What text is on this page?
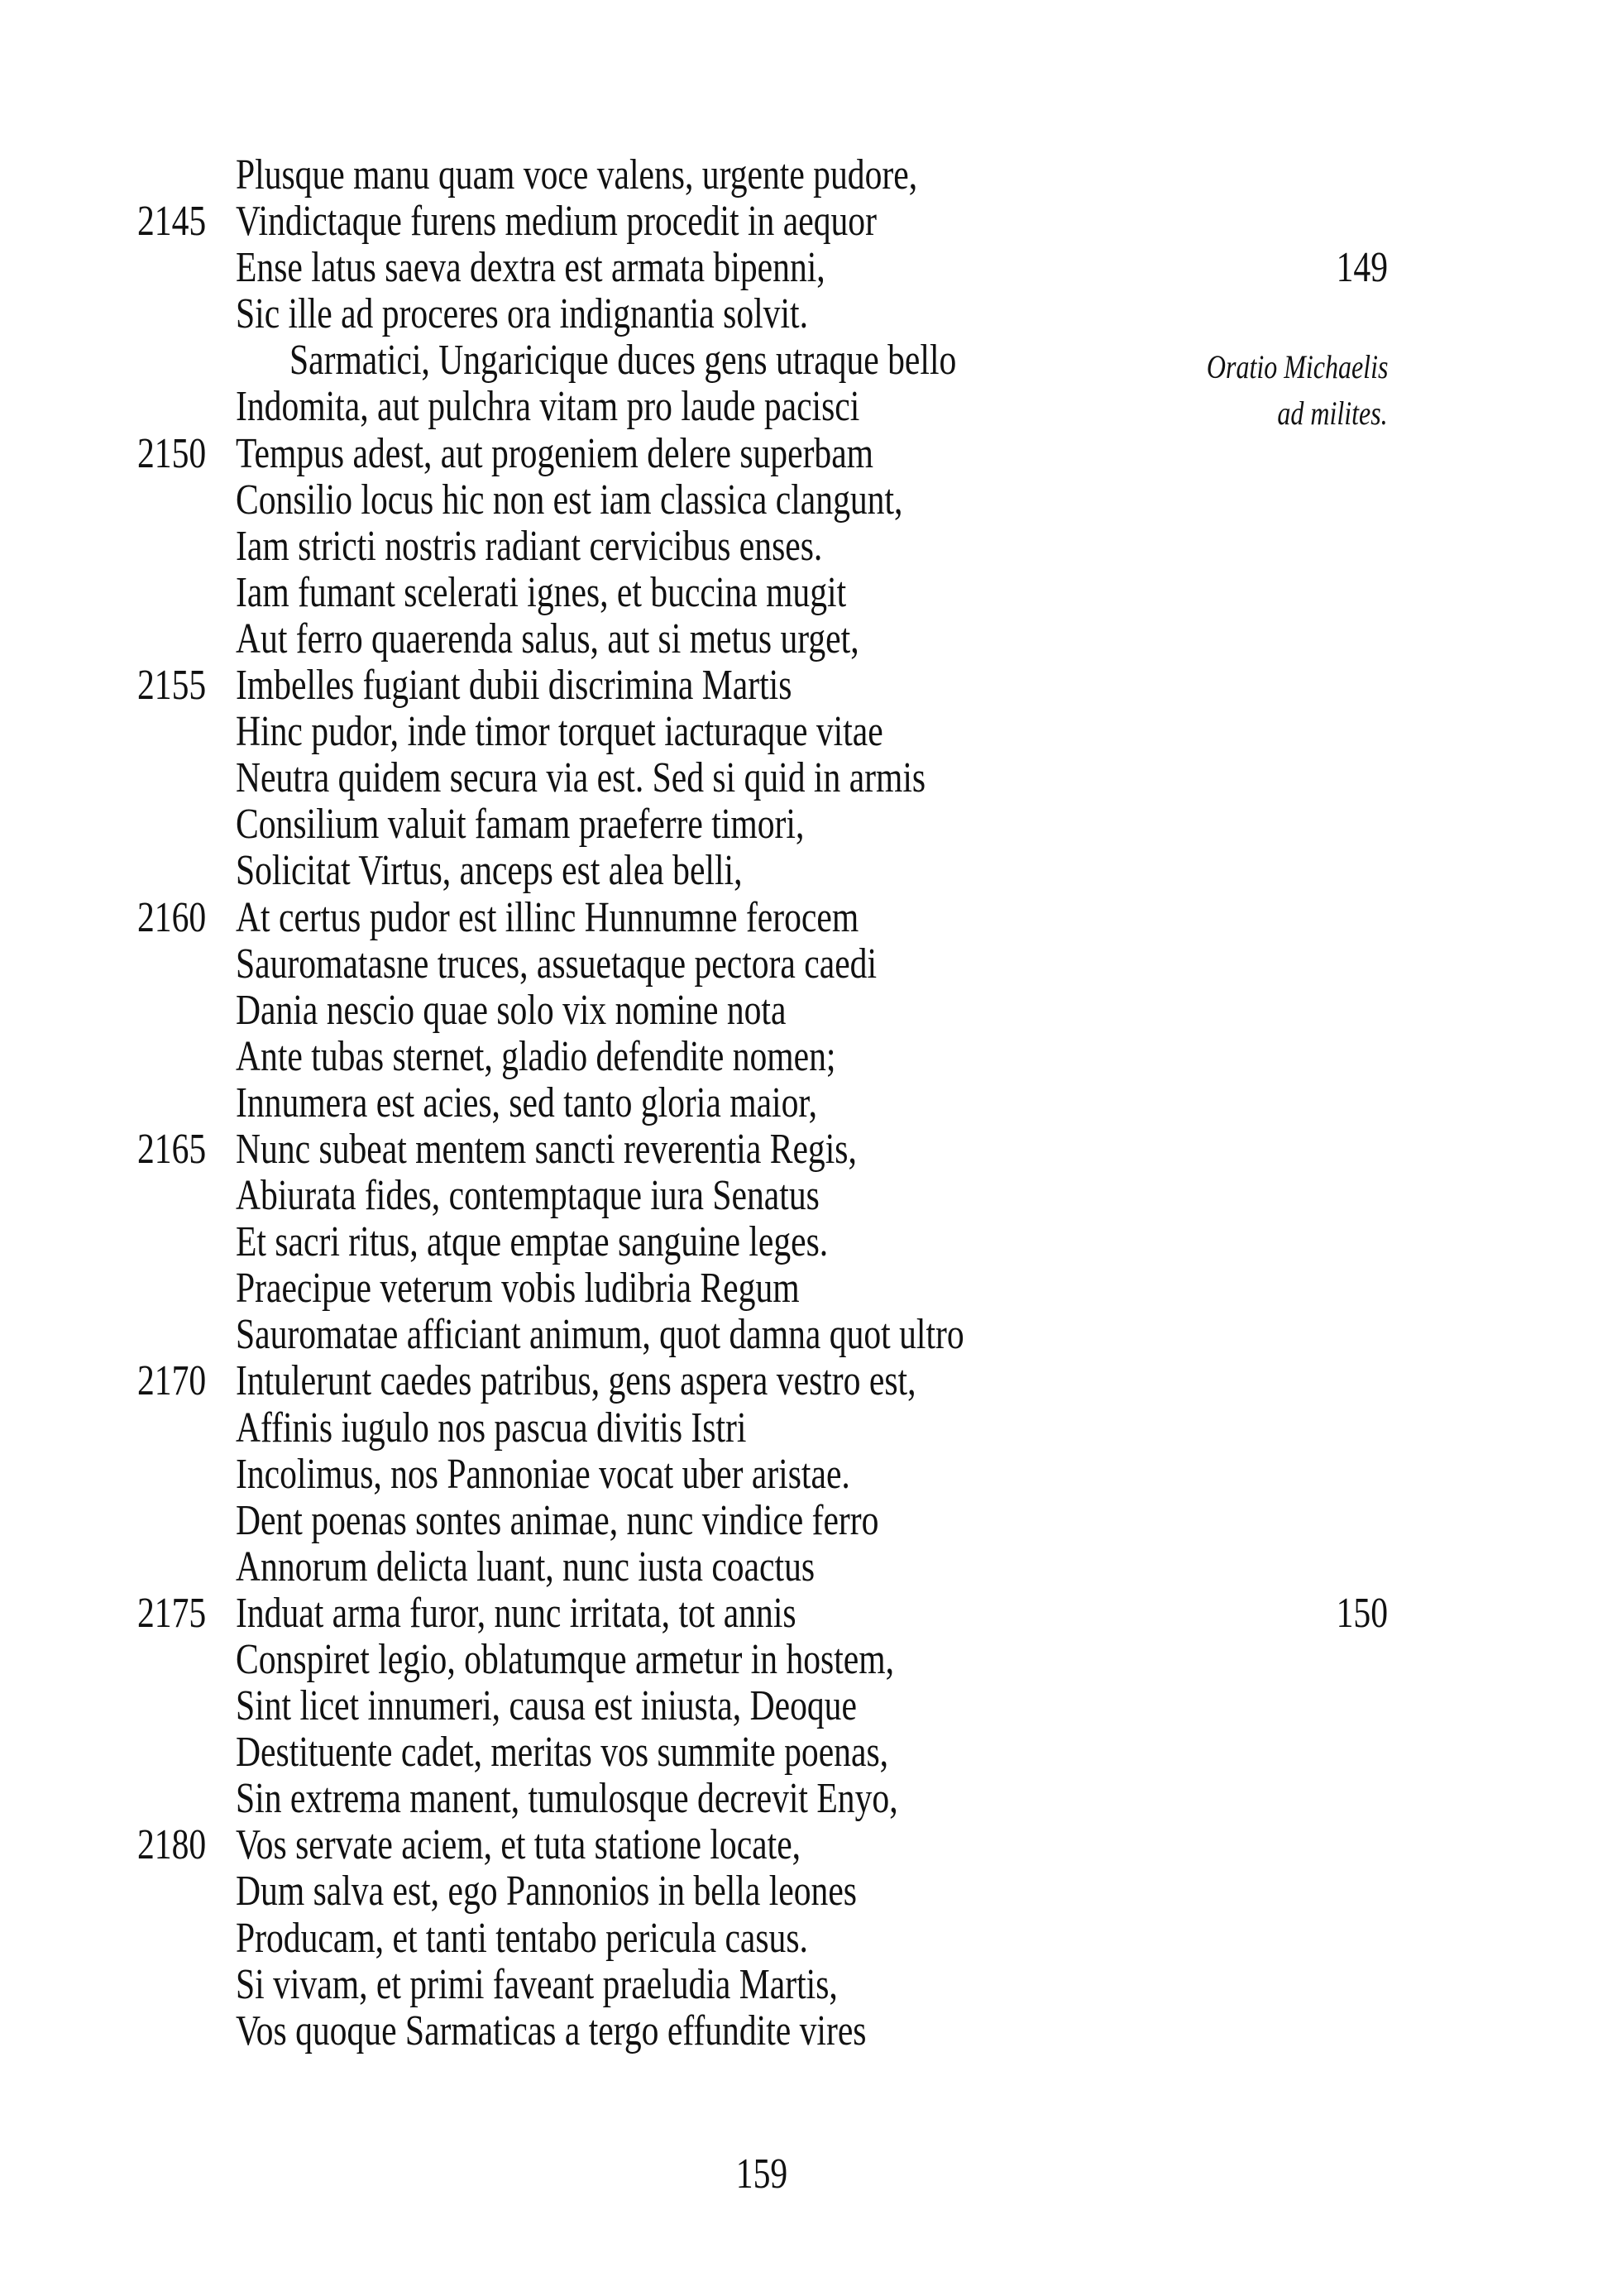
Plusque manu quam voce valens, urgente pudore,
2145 Vindictaque furens medium procedit in aequor
Ense latus saeva dextra est armata bipenni,	149
Sic ille ad proceres ora indignantia solvit.
Sarmatici, Ungaricique duces gens utraque bello	Oratio Michaelis
Indomita, aut pulchra vitam pro laude pacisci	ad milites.
2150 Tempus adest, aut progeniem delere superbam
Consilio locus hic non est iam classica clangunt,
Iam stricti nostris radiant cervicibus enses.
Iam fumant scelerati ignes, et buccina mugit
Aut ferro quaerenda salus, aut si metus urget,
2155 Imbelles fugiant dubii discrimina Martis
Hinc pudor, inde timor torquet iacturaque vitae
Neutra quidem secura via est. Sed si quid in armis
Consilium valuit famam praeferre timori,
Solicitat Virtus, anceps est alea belli,
2160 At certus pudor est illinc Hunnumne ferocem
Sauromatasne truces, assuetaque pectora caedi
Dania nescio quae solo vix nomine nota
Ante tubas sternet, gladio defendite nomen;
Innumera est acies, sed tanto gloria maior,
2165 Nunc subeat mentem sancti reverentia Regis,
Abiurata fides, contemptaque iura Senatus
Et sacri ritus, atque emptae sanguine leges.
Praecipue veterum vobis ludibria Regum
Sauromatae afficiant animum, quot damna quot ultro
2170 Intulerunt caedes patribus, gens aspera vestro est,
Affinis iugulo nos pascua divitis Istri
Incolimus, nos Pannoniae vocat uber aristae.
Dent poenas sontes animae, nunc vindice ferro
Annorum delicta luant, nunc iusta coactus
2175 Induat arma furor, nunc irritata, tot annis	150
Conspiret legio, oblatumque armetur in hostem,
Sint licet innumeri, causa est iniusta, Deoque
Destituente cadet, meritas vos summite poenas,
Sin extrema manent, tumulosque decrevit Enyo,
2180 Vos servate aciem, et tuta statione locate,
Dum salva est, ego Pannonios in bella leones
Producam, et tanti tentabo pericula casus.
Si vivam, et primi faveant praeludia Martis,
Vos quoque Sarmaticas a tergo effundite vires
159
